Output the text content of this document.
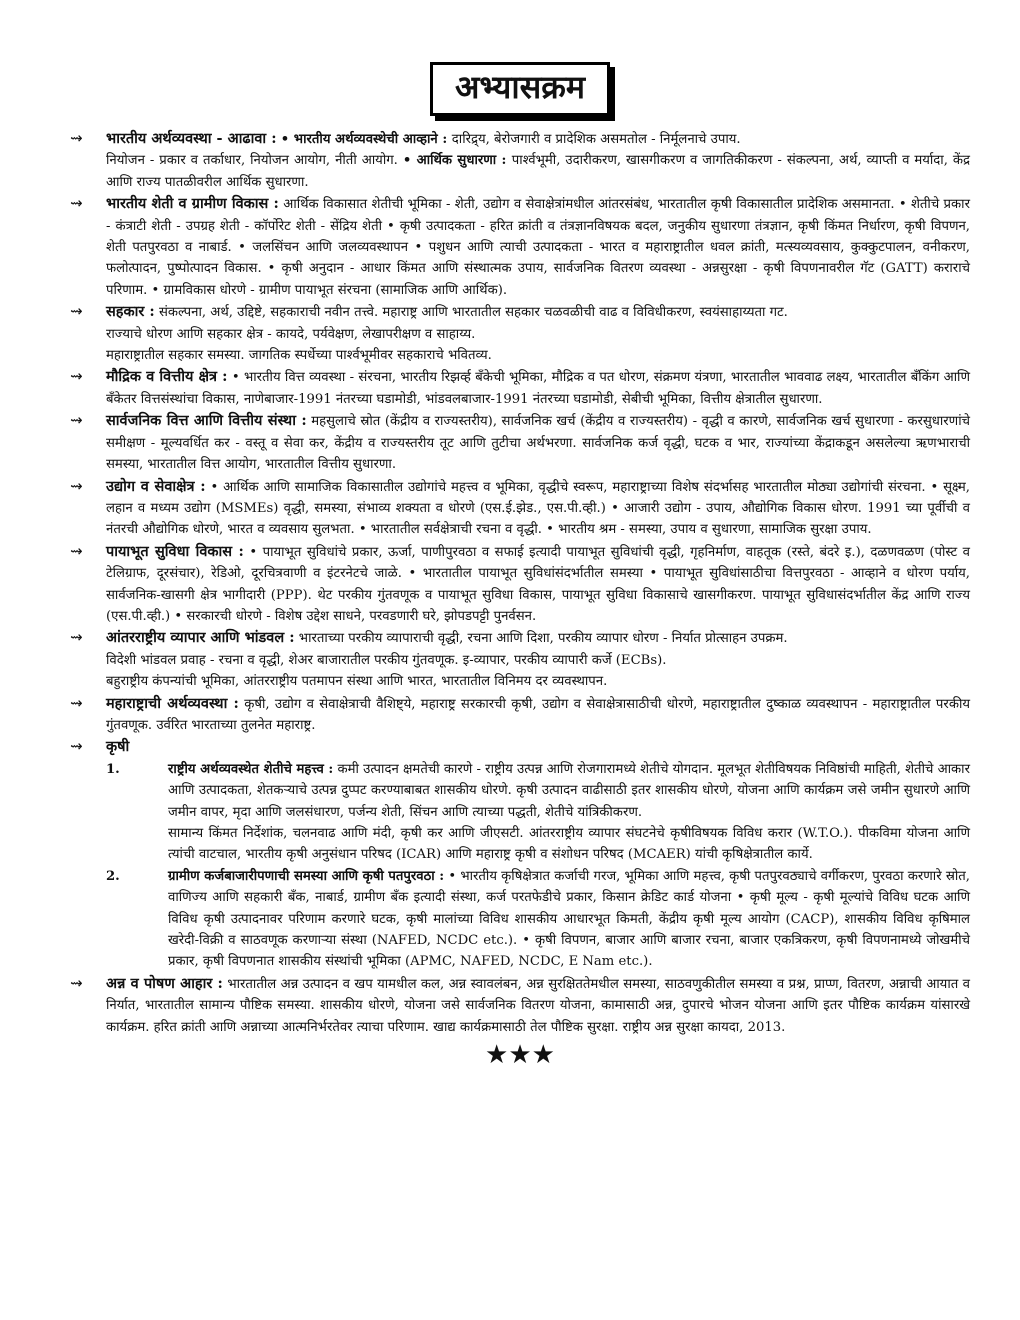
अभ्यासक्रम
⇝ भारतीय अर्थव्यवस्था - आढावा : • भारतीय अर्थव्यवस्थेची आव्हाने : दारिद्र्य, बेरोजगारी व प्रादेशिक असमतोल - निर्मूलनाचे उपाय.
नियोजन - प्रकार व तर्काधार, नियोजन आयोग, नीती आयोग. • आर्थिक सुधारणा : पार्श्वभूमी, उदारीकरण, खासगीकरण व जागतिकीकरण - संकल्पना, अर्थ, व्याप्ती व मर्यादा, केंद्र आणि राज्य पातळीवरील आर्थिक सुधारणा.
⇝ भारतीय शेती व ग्रामीण विकास : आर्थिक विकासात शेतीची भूमिका - शेती, उद्योग व सेवाक्षेत्रांमधील आंतरसंबंध, भारतातील कृषी विकासातील प्रादेशिक असमानता. • शेतीचे प्रकार - कंत्राटी शेती - उपग्रह शेती - कॉर्पोरेट शेती - सेंद्रिय शेती • कृषी उत्पादकता - हरित क्रांती व तंत्रज्ञानविषयक बदल, जनुकीय सुधारणा तंत्रज्ञान, कृषी किंमत निर्धारण, कृषी विपणन, शेती पतपुरवठा व नाबार्ड. • जलसिंचन आणि जलव्यवस्थापन • पशुधन आणि त्याची उत्पादकता - भारत व महाराष्ट्रातील धवल क्रांती, मत्स्यव्यवसाय, कुक्कुटपालन, वनीकरण, फलोत्पादन, पुष्पोत्पादन विकास. • कृषी अनुदान - आधार किंमत आणि संस्थात्मक उपाय, सार्वजनिक वितरण व्यवस्था - अन्नसुरक्षा - कृषी विपणनावरील गॅट (GATT) कराराचे परिणाम. • ग्रामविकास धोरणे - ग्रामीण पायाभूत संरचना (सामाजिक आणि आर्थिक).
⇝ सहकार : संकल्पना, अर्थ, उद्दिष्टे, सहकाराची नवीन तत्त्वे. महाराष्ट्र आणि भारतातील सहकार चळवळीची वाढ व विविधीकरण, स्वयंसाहाय्यता गट.
राज्याचे धोरण आणि सहकार क्षेत्र - कायदे, पर्यवेक्षण, लेखापरीक्षण व साहाय्य.
महाराष्ट्रातील सहकार समस्या. जागतिक स्पर्धेच्या पार्श्वभूमीवर सहकाराचे भवितव्य.
⇝ मौद्रिक व वित्तीय क्षेत्र : • भारतीय वित्त व्यवस्था - संरचना, भारतीय रिझर्व्ह बँकेची भूमिका, मौद्रिक व पत धोरण, संक्रमण यंत्रणा, भारतातील भाववाढ लक्ष्य, भारतातील बँकिंग आणि बँकेतर वित्तसंस्थांचा विकास, नाणेबाजार-1991 नंतरच्या घडामोडी, भांडवलबाजार-1991 नंतरच्या घडामोडी, सेबीची भूमिका, वित्तीय क्षेत्रातील सुधारणा.
⇝ सार्वजनिक वित्त आणि वित्तीय संस्था : महसुलाचे स्रोत (केंद्रीय व राज्यस्तरीय), सार्वजनिक खर्च (केंद्रीय व राज्यस्तरीय) - वृद्धी व कारणे, सार्वजनिक खर्च सुधारणा - करसुधारणांचे समीक्षण - मूल्यवर्धित कर - वस्तू व सेवा कर, केंद्रीय व राज्यस्तरीय तूट आणि तुटीचा अर्थभरणा. सार्वजनिक कर्ज वृद्धी, घटक व भार, राज्यांच्या केंद्राकडून असलेल्या ऋणभाराची समस्या, भारतातील वित्त आयोग, भारतातील वित्तीय सुधारणा.
⇝ उद्योग व सेवाक्षेत्र : • आर्थिक आणि सामाजिक विकासातील उद्योगांचे महत्त्व व भूमिका, वृद्धीचे स्वरूप, महाराष्ट्राच्या विशेष संदर्भासह भारतातील मोठ्या उद्योगांची संरचना. • सूक्ष्म, लहान व मध्यम उद्योग (MSMEs) वृद्धी, समस्या, संभाव्य शक्यता व धोरणे (एस.ई.झेड., एस.पी.व्ही.) • आजारी उद्योग - उपाय, औद्योगिक विकास धोरण. 1991 च्या पूर्वीची व नंतरची औद्योगिक धोरणे, भारत व व्यवसाय सुलभता. • भारतातील सर्वक्षेत्राची रचना व वृद्धी. • भारतीय श्रम - समस्या, उपाय व सुधारणा, सामाजिक सुरक्षा उपाय.
⇝ पायाभूत सुविधा विकास : • पायाभूत सुविधांचे प्रकार, ऊर्जा, पाणीपुरवठा व सफाई इत्यादी पायाभूत सुविधांची वृद्धी, गृहनिर्माण, वाहतूक (रस्ते, बंदरे इ.), दळणवळण (पोस्ट व टेलिग्राफ, दूरसंचार), रेडिओ, दूरचित्रवाणी व इंटरनेटचे जाळे. • भारतातील पायाभूत सुविधांसंदर्भातील समस्या • पायाभूत सुविधांसाठीचा वित्तपुरवठा - आव्हाने व धोरण पर्याय, सार्वजनिक-खासगी क्षेत्र भागीदारी (PPP). थेट परकीय गुंतवणूक व पायाभूत सुविधा विकास, पायाभूत सुविधा विकासाचे खासगीकरण. पायाभूत सुविधासंदर्भातील केंद्र आणि राज्य (एस.पी.व्ही.) • सरकारची धोरणे - विशेष उद्देश साधने, परवडणारी घरे, झोपडपट्टी पुनर्वसन.
⇝ आंतरराष्ट्रीय व्यापार आणि भांडवल : भारताच्या परकीय व्यापाराची वृद्धी, रचना आणि दिशा, परकीय व्यापार धोरण - निर्यात प्रोत्साहन उपक्रम.
विदेशी भांडवल प्रवाह - रचना व वृद्धी, शेअर बाजारातील परकीय गुंतवणूक. इ-व्यापार, परकीय व्यापारी कर्जे (ECBs).
बहुराष्ट्रीय कंपन्यांची भूमिका, आंतरराष्ट्रीय पतमापन संस्था आणि भारत, भारतातील विनिमय दर व्यवस्थापन.
⇝ महाराष्ट्राची अर्थव्यवस्था : कृषी, उद्योग व सेवाक्षेत्राची वैशिष्ट्ये, महाराष्ट्र सरकारची कृषी, उद्योग व सेवाक्षेत्रासाठीची धोरणे, महाराष्ट्रातील दुष्काळ व्यवस्थापन - महाराष्ट्रातील परकीय गुंतवणूक. उर्वरित भारताच्या तुलनेत महाराष्ट्र.
⇝ कृषी
1.	राष्ट्रीय अर्थव्यवस्थेत शेतीचे महत्त्व : कमी उत्पादन क्षमतेची कारणे - राष्ट्रीय उत्पन्न आणि रोजगारामध्ये शेतीचे योगदान. मूलभूत शेतीविषयक निविष्ठांची माहिती, शेतीचे आकार आणि उत्पादकता, शेतकऱ्याचे उत्पन्न दुप्पट करण्याबाबत शासकीय धोरणे. कृषी उत्पादन वाढीसाठी इतर शासकीय धोरणे, योजना आणि कार्यक्रम जसे जमीन सुधारणे आणि जमीन वापर, मृदा आणि जलसंधारण, पर्जन्य शेती, सिंचन आणि त्याच्या पद्धती, शेतीचे यांत्रिकीकरण.
सामान्य किंमत निर्देशांक, चलनवाढ आणि मंदी, कृषी कर आणि जीएसटी. आंतरराष्ट्रीय व्यापार संघटनेचे कृषीविषयक विविध करार (W.T.O.). पीकविमा योजना आणि त्यांची वाटचाल, भारतीय कृषी अनुसंधान परिषद (ICAR) आणि महाराष्ट्र कृषी व संशोधन परिषद (MCAER) यांची कृषिक्षेत्रातील कार्ये.
2.	ग्रामीण कर्जबाजारीपणाची समस्या आणि कृषी पतपुरवठा : • भारतीय कृषिक्षेत्रात कर्जाची गरज, भूमिका आणि महत्त्व, कृषी पतपुरवठ्याचे वर्गीकरण, पुरवठा करणारे स्रोत, वाणिज्य आणि सहकारी बँक, नाबार्ड, ग्रामीण बँक इत्यादी संस्था, कर्ज परतफेडीचे प्रकार, किसान क्रेडिट कार्ड योजना • कृषी मूल्य - कृषी मूल्यांचे विविध घटक आणि विविध कृषी उत्पादनावर परिणाम करणारे घटक, कृषी मालांच्या विविध शासकीय आधारभूत किमती, केंद्रीय कृषी मूल्य आयोग (CACP), शासकीय विविध कृषिमाल खरेदी-विक्री व साठवणूक करणाऱ्या संस्था (NAFED, NCDC etc.). • कृषी विपणन, बाजार आणि बाजार रचना, बाजार एकत्रिकरण, कृषी विपणनामध्ये जोखमीचे प्रकार, कृषी विपणनात शासकीय संस्थांची भूमिका (APMC, NAFED, NCDC, E Nam etc.).
⇝ अन्न व पोषण आहार : भारतातील अन्न उत्पादन व खप यामधील कल, अन्न स्वावलंबन, अन्न सुरक्षिततेमधील समस्या, साठवणुकीतील समस्या व प्रश्न, प्राप्ण, वितरण, अन्नाची आयात व निर्यात, भारतातील सामान्य पौष्टिक समस्या. शासकीय धोरणे, योजना जसे सार्वजनिक वितरण योजना, कामासाठी अन्न, दुपारचे भोजन योजना आणि इतर पौष्टिक कार्यक्रम यांसारखे कार्यक्रम. हरित क्रांती आणि अन्नाच्या आत्मनिर्भरतेवर त्याचा परिणाम. खाद्य कार्यक्रमासाठी तेल पौष्टिक सुरक्षा. राष्ट्रीय अन्न सुरक्षा कायदा, 2013.
★★★
